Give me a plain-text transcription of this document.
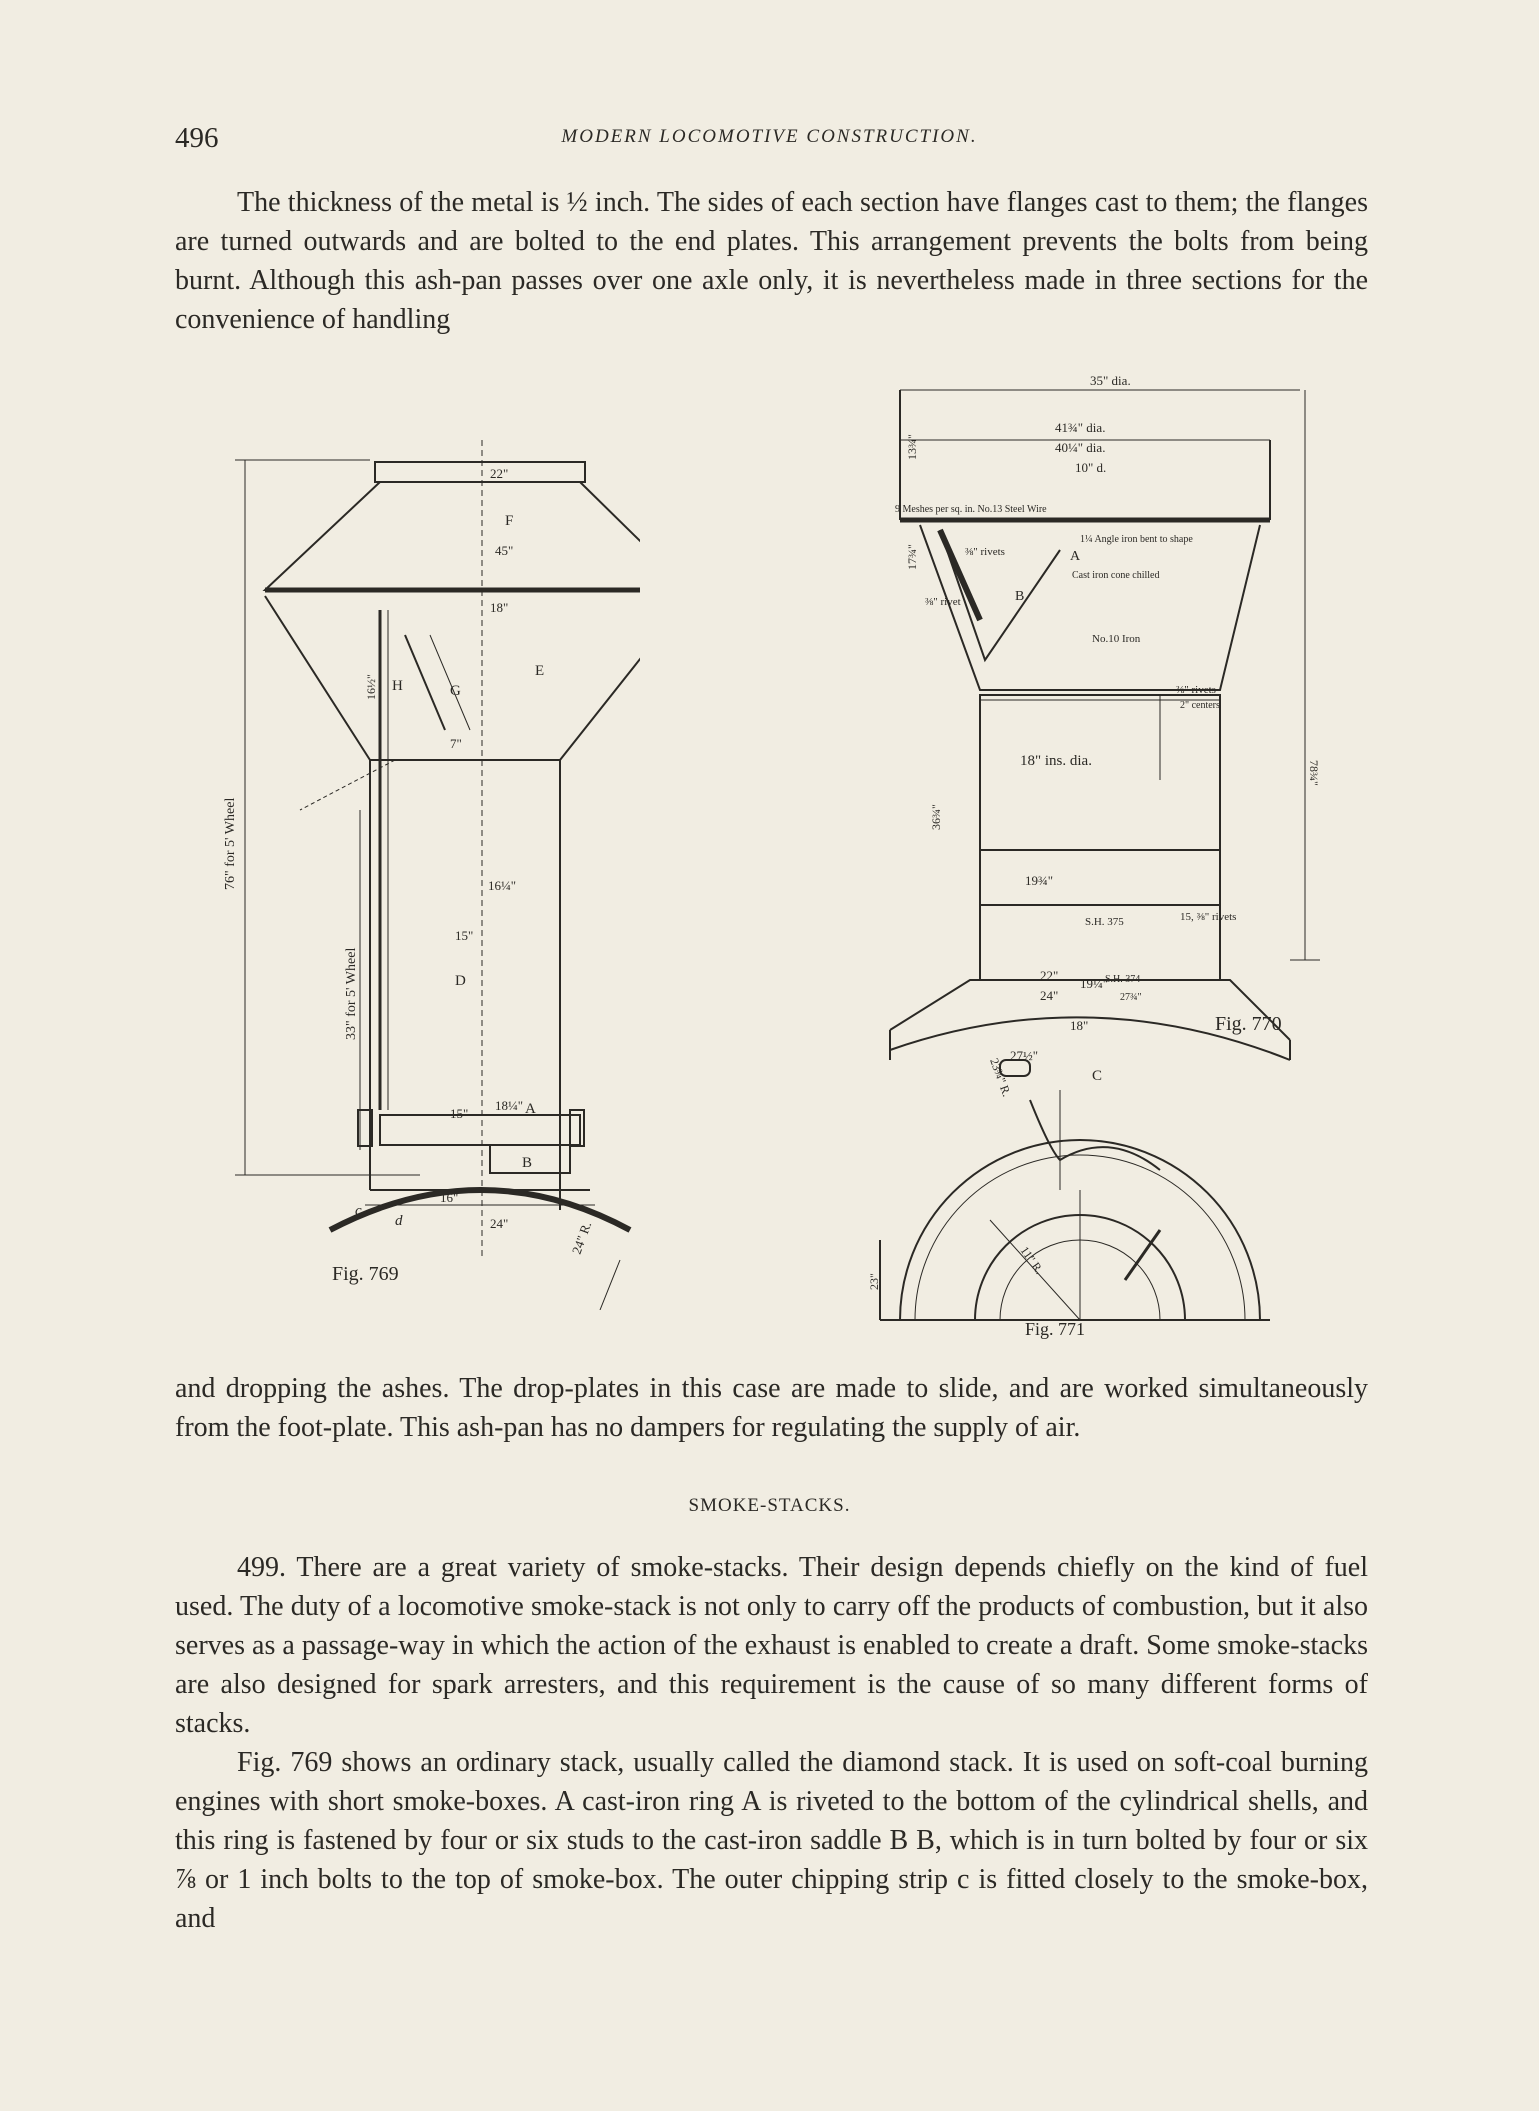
496	MODERN LOCOMOTIVE CONSTRUCTION.

The thickness of the metal is ½ inch. The sides of each section have flanges cast to them; the flanges are turned outwards and are bolted to the end plates. This arrangement prevents the bolts from being burnt. Although this ash-pan passes over one axle only, it is nevertheless made in three sections for the convenience of handling

F
E
D
H	G
A
B
c
d
22"
45"
18"
7"
16¼"
15"
15"
18¼"
16"
24"	24" R.
76" for 5' Wheel
33" for 5' Wheel
16½"
Fig. 769
35" dia.
41¾" dia.
40¼" dia.
10" d.
9 Meshes per sq. in. No.13 Steel Wire
1¼ Angle iron bent to shape
A
Cast iron cone chilled
B
⅜" rivets
⅜" rivet
No.10 Iron
⅜" rivets
2" centers
18" ins. dia.
19¾"
S.H. 375	15, ⅜" rivets
S.H. 374
22"
24"
19¼"
27¾"
18"
27½"
C
23¾" R.
78¾"
36¾"
13¾"
17¾"
Fig. 770
11" R.
23"
Fig. 771

and dropping the ashes. The drop-plates in this case are made to slide, and are worked simultaneously from the foot-plate. This ash-pan has no dampers for regulating the supply of air.

SMOKE-STACKS.

499. There are a great variety of smoke-stacks. Their design depends chiefly on the kind of fuel used. The duty of a locomotive smoke-stack is not only to carry off the products of combustion, but it also serves as a passage-way in which the action of the exhaust is enabled to create a draft. Some smoke-stacks are also designed for spark arresters, and this requirement is the cause of so many different forms of stacks.

Fig. 769 shows an ordinary stack, usually called the diamond stack. It is used on soft-coal burning engines with short smoke-boxes. A cast-iron ring A is riveted to the bottom of the cylindrical shells, and this ring is fastened by four or six studs to the cast-iron saddle B B, which is in turn bolted by four or six ⅞ or 1 inch bolts to the top of smoke-box. The outer chipping strip c is fitted closely to the smoke-box, and
